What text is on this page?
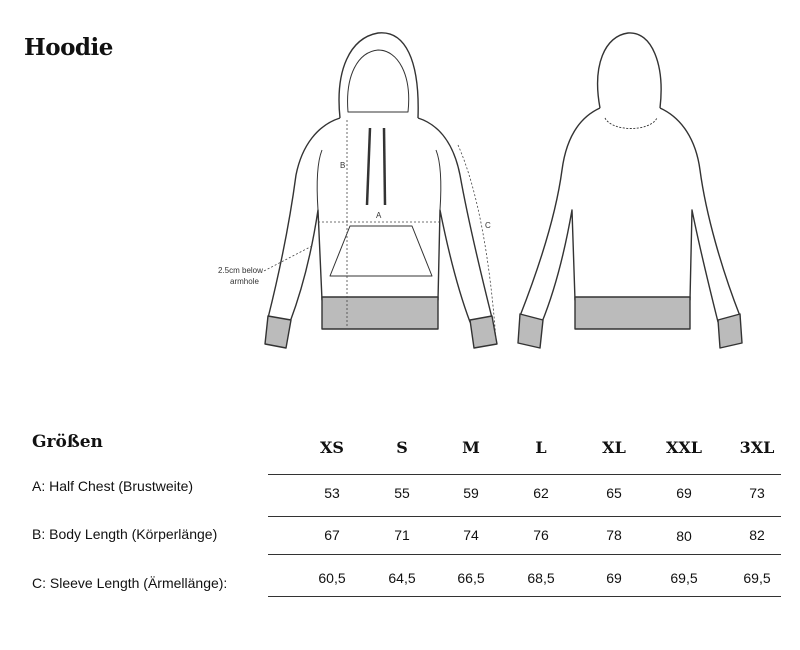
Hoodie
A
B
C
2.5cm below
armhole
Größen	XS	S	M	L	XL	XXL	3XL
A: Half Chest (Brustweite)	53	55	59	62	65	69	73
B: Body Length (Körperlänge)	67	71	74	76	78	80	82
C: Sleeve Length (Ärmellänge):	60,5	64,5	66,5	68,5	69	69,5	69,5
